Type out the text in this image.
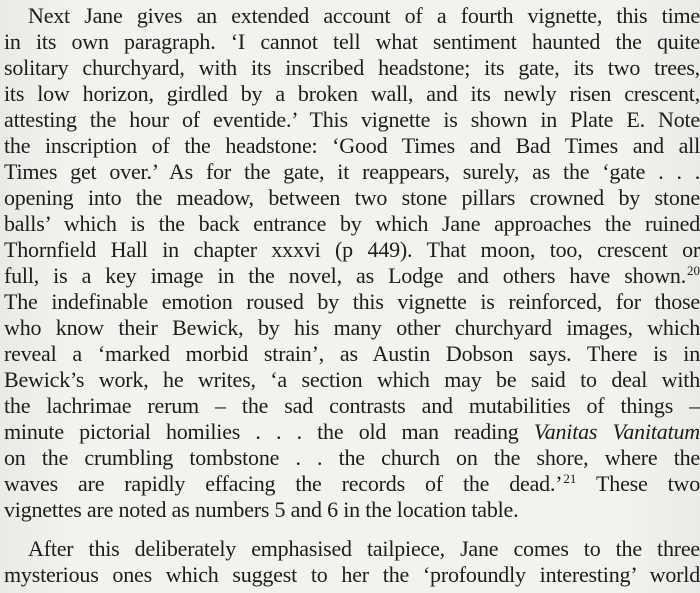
Next Jane gives an extended account of a fourth vignette, this time
in its own paragraph. ‘I cannot tell what sentiment haunted the quite
solitary churchyard, with its inscribed headstone; its gate, its two trees,
its low horizon, girdled by a broken wall, and its newly risen crescent,
attesting the hour of eventide.’ This vignette is shown in Plate E. Note
the inscription of the headstone: ‘Good Times and Bad Times and all
Times get over.’ As for the gate, it reappears, surely, as the ‘gate . . .
opening into the meadow, between two stone pillars crowned by stone
balls’ which is the back entrance by which Jane approaches the ruined
Thornfield Hall in chapter xxxvi (p 449). That moon, too, crescent or
full, is a key image in the novel, as Lodge and others have shown.$^{20}$
The indefinable emotion roused by this vignette is reinforced, for those
who know their Bewick, by his many other churchyard images, which
reveal a ‘marked morbid strain’, as Austin Dobson says. There is in
Bewick’s work, he writes, ‘a section which may be said to deal with
the lachrimae rerum – the sad contrasts and mutabilities of things –
minute pictorial homilies . . . the old man reading Vanitas Vanitatum
on the crumbling tombstone . . the church on the shore, where the
waves are rapidly effacing the records of the dead.’$^{21}$ These two
vignettes are noted as numbers 5 and 6 in the location table.
After this deliberately emphasised tailpiece, Jane comes to the three
mysterious ones which suggest to her the ‘profoundly interesting’ world
